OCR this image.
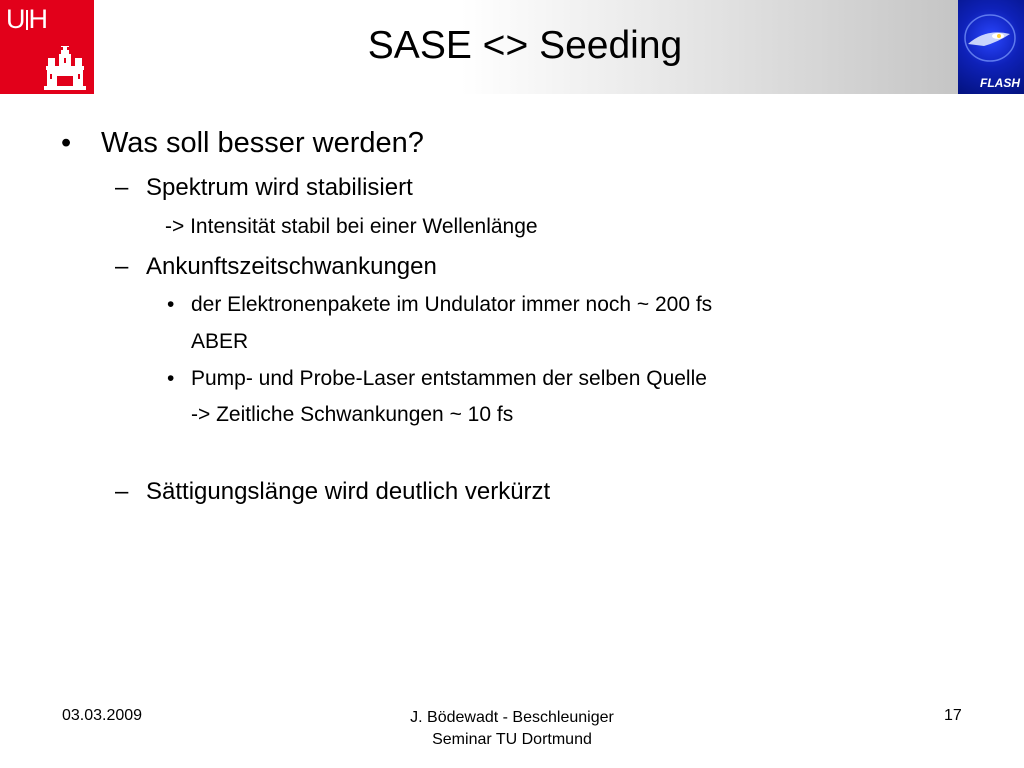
U H
SASE <> Seeding
FLASH
• Was soll besser werden?
– Spektrum wird stabilisiert
-> Intensität stabil bei einer Wellenlänge
– Ankunftszeitschwankungen
• der Elektronenpakete im Undulator immer noch ~ 200 fs
ABER
• Pump- und Probe-Laser entstammen der selben Quelle
-> Zeitliche Schwankungen ~ 10 fs
– Sättigungslänge wird deutlich verkürzt
03.03.2009	J. Bödewadt - Beschleuniger
Seminar TU Dortmund
17
